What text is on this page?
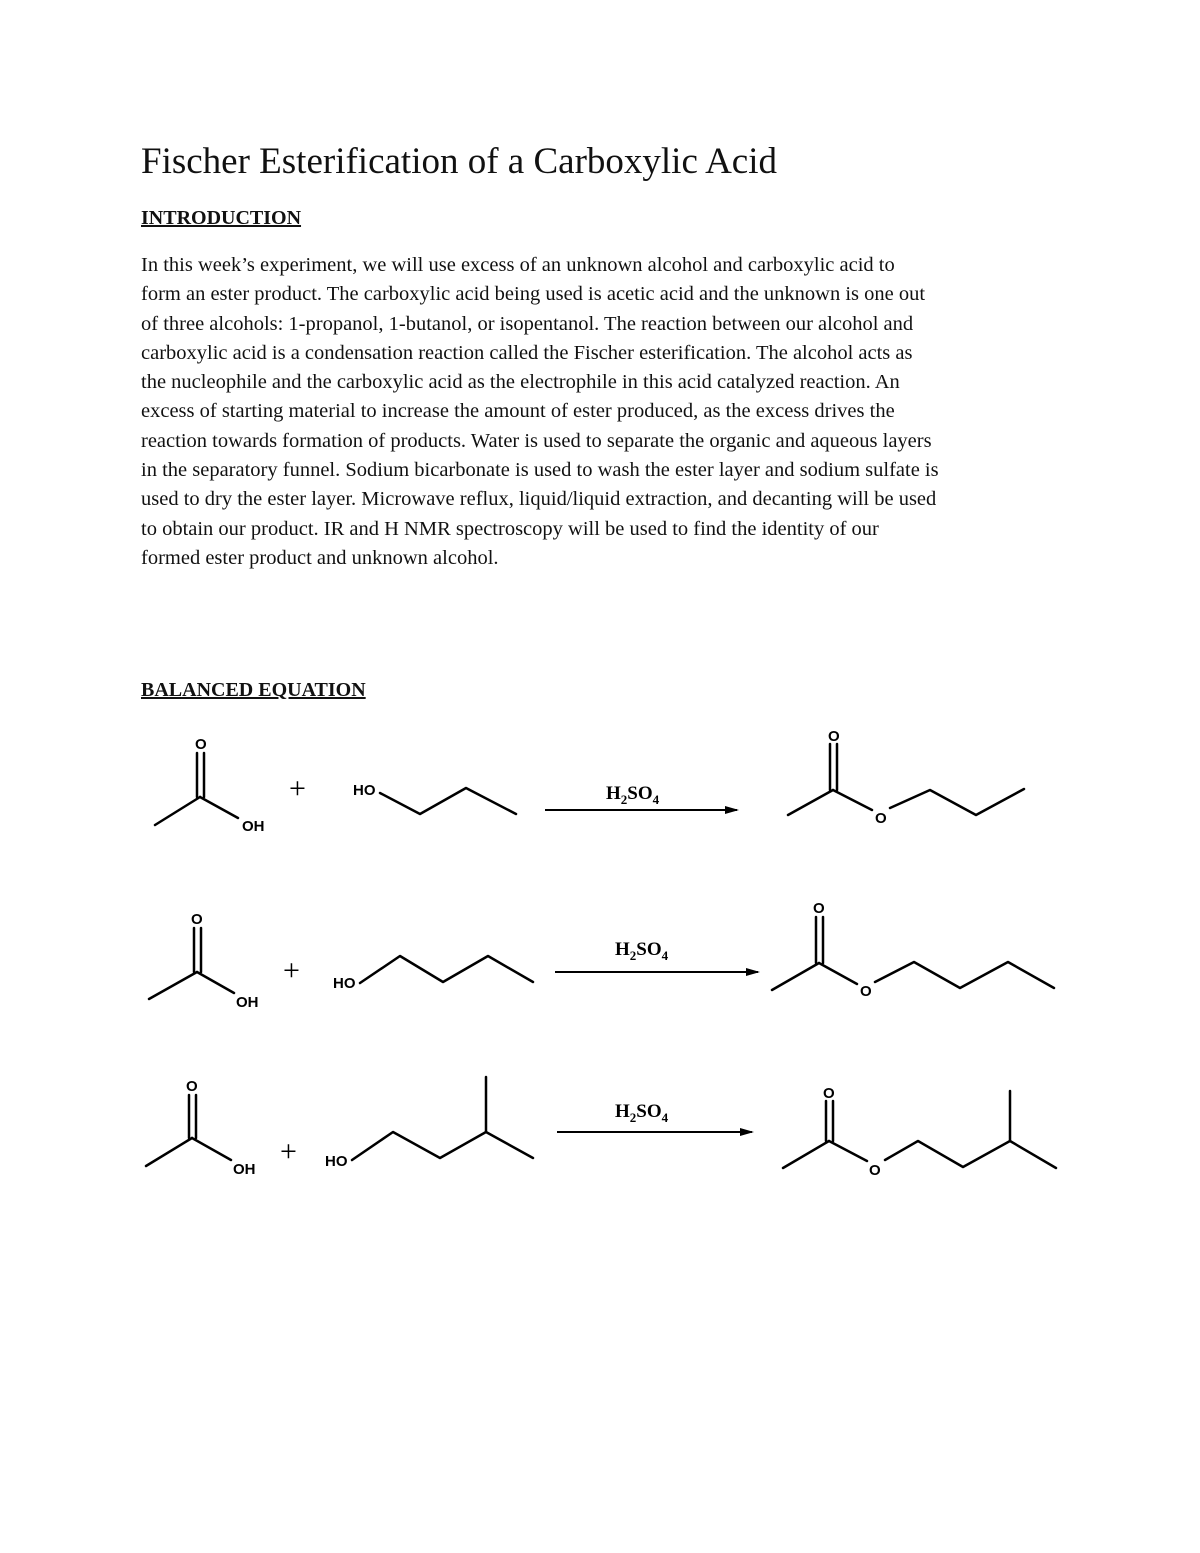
Fischer Esterification of a Carboxylic Acid
INTRODUCTION

In this week’s experiment, we will use excess of an unknown alcohol and carboxylic acid to
form an ester product. The carboxylic acid being used is acetic acid and the unknown is one out
of three alcohols: 1-propanol, 1-butanol, or isopentanol. The reaction between our alcohol and
carboxylic acid is a condensation reaction called the Fischer esterification. The alcohol acts as
the nucleophile and the carboxylic acid as the electrophile in this acid catalyzed reaction. An
excess of starting material to increase the amount of ester produced, as the excess drives the
reaction towards formation of products. Water is used to separate the organic and aqueous layers
in the separatory funnel. Sodium bicarbonate is used to wash the ester layer and sodium sulfate is
used to dry the ester layer. Microwave reflux, liquid/liquid extraction, and decanting will be used
to obtain our product. IR and H NMR spectroscopy will be used to find the identity of our
formed ester product and unknown alcohol.

BALANCED EQUATION
O
OH
+	HO	$H_2SO_4$
O
O
O
OH
+ HO
$H_2SO_4$
O
O
O
OH
+ HO
$H_2SO_4$
O
O
